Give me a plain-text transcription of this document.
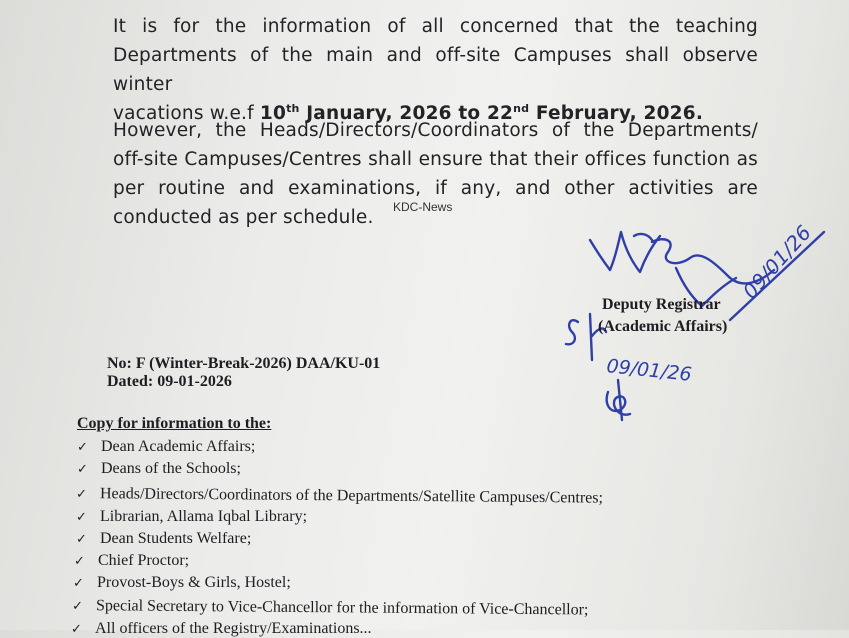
It is for the information of all concerned that the teaching
Departments of the main and off-site Campuses shall observe winter
vacations w.e.f 10th January, 2026 to 22nd February, 2026.
However, the Heads/Directors/Coordinators of the Departments/
off-site Campuses/Centres shall ensure that their offices function as
per routine and examinations, if any, and other activities are
conducted as per schedule.	KDC-News
09/01/26
09/01/26
Deputy Registrar
(Academic Affairs)
No: F (Winter-Break-2026) DAA/KU-01
Dated: 09-01-2026
Copy for information to the:
✓ Dean Academic Affairs;
✓ Deans of the Schools;
✓ Heads/Directors/Coordinators of the Departments/Satellite Campuses/Centres;
✓ Librarian, Allama Iqbal Library;
✓ Dean Students Welfare;
✓ Chief Proctor;
✓ Provost-Boys & Girls, Hostel;
✓ Special Secretary to Vice-Chancellor for the information of Vice-Chancellor;
✓ All officers of the Registry/Examinations...
